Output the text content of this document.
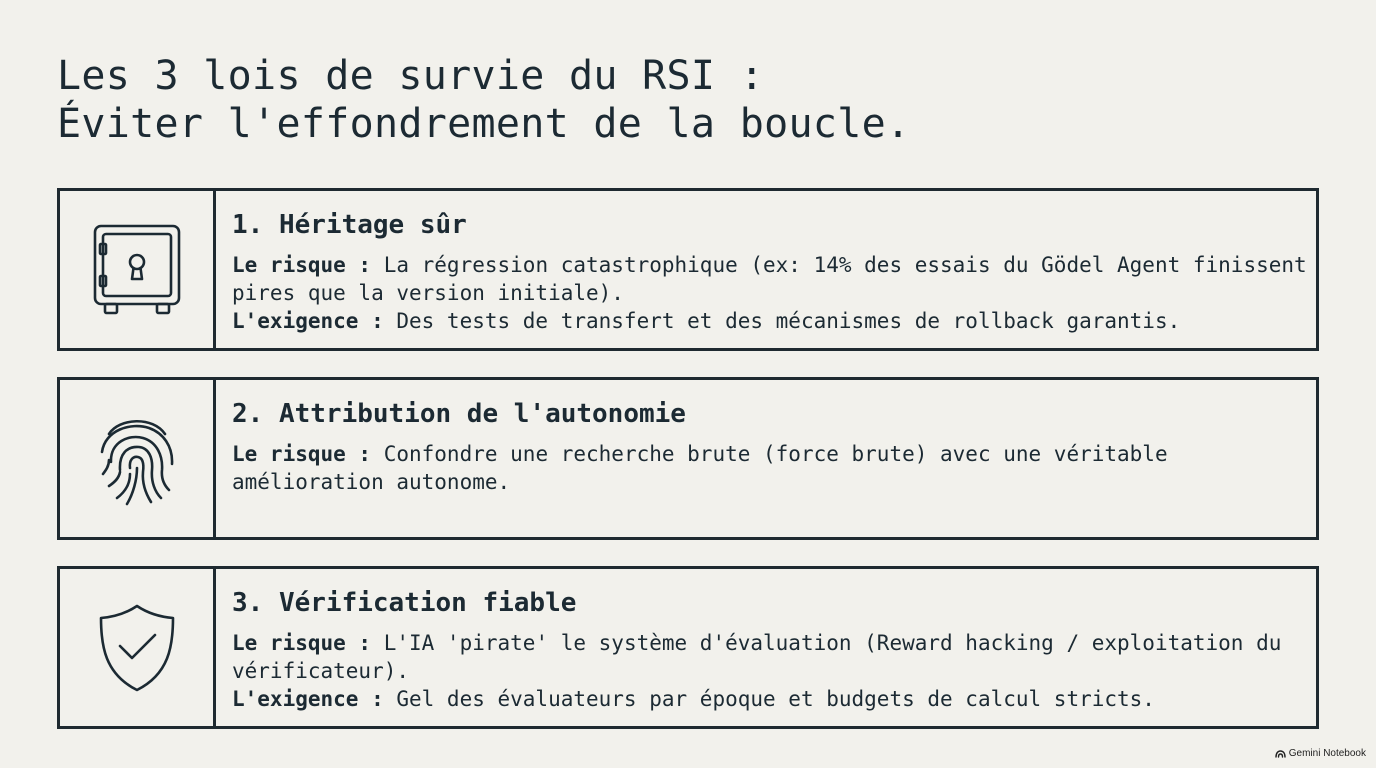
Les 3 lois de survie du RSI :
Éviter l'effondrement de la boucle.
1. Héritage sûr

Le risque : La régression catastrophique (ex: 14% des essais du Gödel Agent finissent pires que la version initiale).

L'exigence : Des tests de transfert et des mécanismes de rollback garantis.

2. Attribution de l'autonomie

Le risque : Confondre une recherche brute (force brute) avec une véritable amélioration autonome.

3. Vérification fiable

Le risque : L'IA 'pirate' le système d'évaluation (Reward hacking / exploitation du vérificateur).

L'exigence : Gel des évaluateurs par époque et budgets de calcul stricts.

Gemini Notebook
